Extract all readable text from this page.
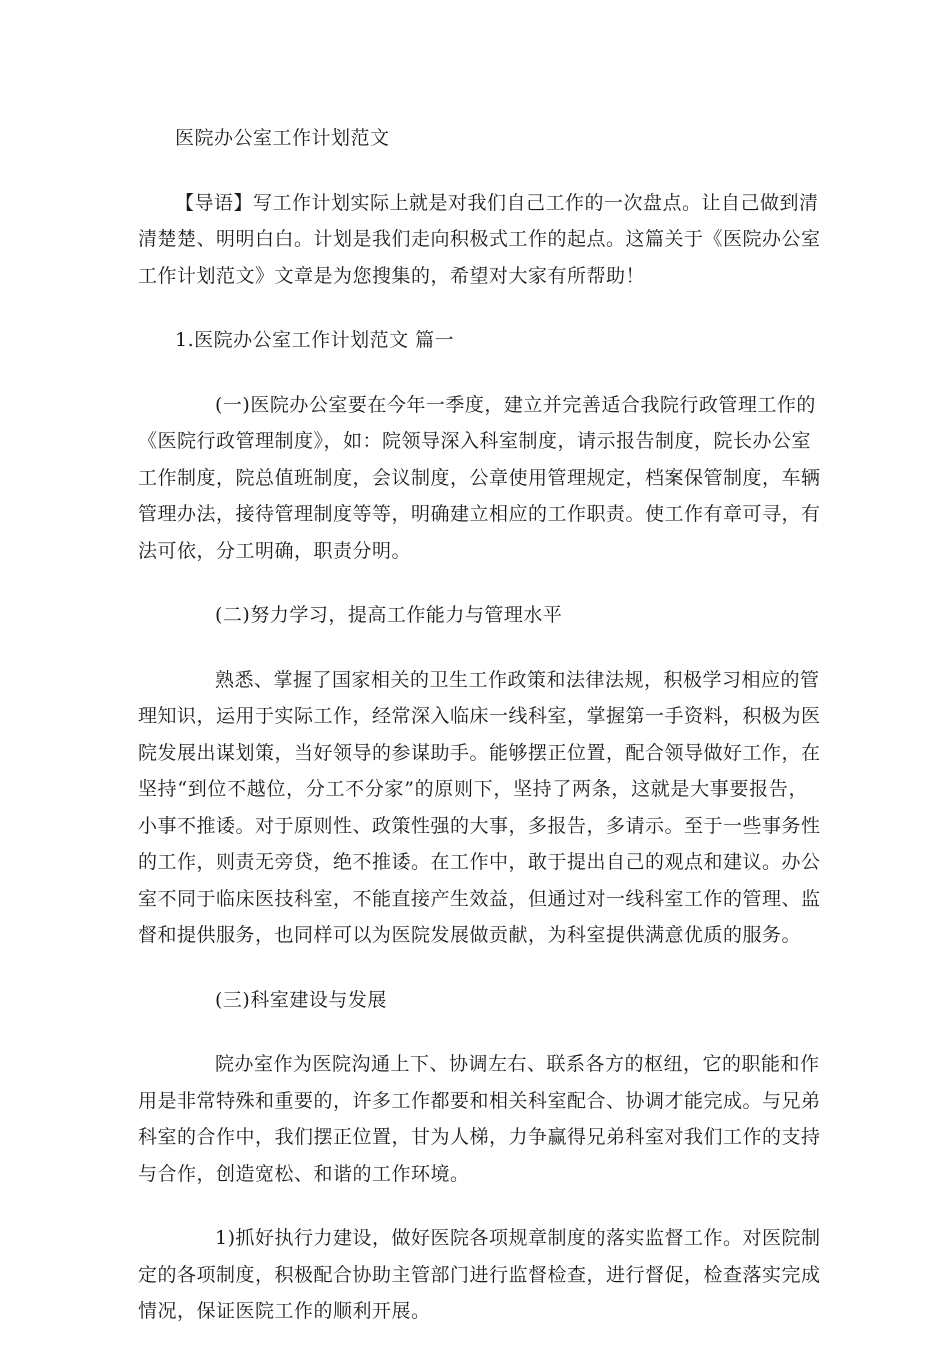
医院办公室工作计划范文

【导语】写工作计划实际上就是对我们自己工作的一次盘点。让自己做到清

清楚楚、明明白白。计划是我们走向积极式工作的起点。这篇关于《医院办公室

工作计划范文》文章是为您搜集的，希望对大家有所帮助！

1.医院办公室工作计划范文 篇一

(一)医院办公室要在今年一季度，建立并完善适合我院行政管理工作的

《医院行政管理制度》，如：院领导深入科室制度，请示报告制度，院长办公室

工作制度，院总值班制度，会议制度，公章使用管理规定，档案保管制度，车辆

管理办法，接待管理制度等等，明确建立相应的工作职责。使工作有章可寻，有

法可依，分工明确，职责分明。

(二)努力学习，提高工作能力与管理水平

熟悉、掌握了国家相关的卫生工作政策和法律法规，积极学习相应的管

理知识，运用于实际工作，经常深入临床一线科室，掌握第一手资料，积极为医

院发展出谋划策，当好领导的参谋助手。能够摆正位置，配合领导做好工作，在

坚持“到位不越位，分工不分家”的原则下，坚持了两条，这就是大事要报告，

小事不推诿。对于原则性、政策性强的大事，多报告，多请示。至于一些事务性

的工作，则责无旁贷，绝不推诿。在工作中，敢于提出自己的观点和建议。办公

室不同于临床医技科室，不能直接产生效益，但通过对一线科室工作的管理、监

督和提供服务，也同样可以为医院发展做贡献，为科室提供满意优质的服务。

(三)科室建设与发展

院办室作为医院沟通上下、协调左右、联系各方的枢纽，它的职能和作

用是非常特殊和重要的，许多工作都要和相关科室配合、协调才能完成。与兄弟

科室的合作中，我们摆正位置，甘为人梯，力争赢得兄弟科室对我们工作的支持

与合作，创造宽松、和谐的工作环境。

1)抓好执行力建设，做好医院各项规章制度的落实监督工作。对医院制

定的各项制度，积极配合协助主管部门进行监督检查，进行督促，检查落实完成

情况，保证医院工作的顺利开展。
